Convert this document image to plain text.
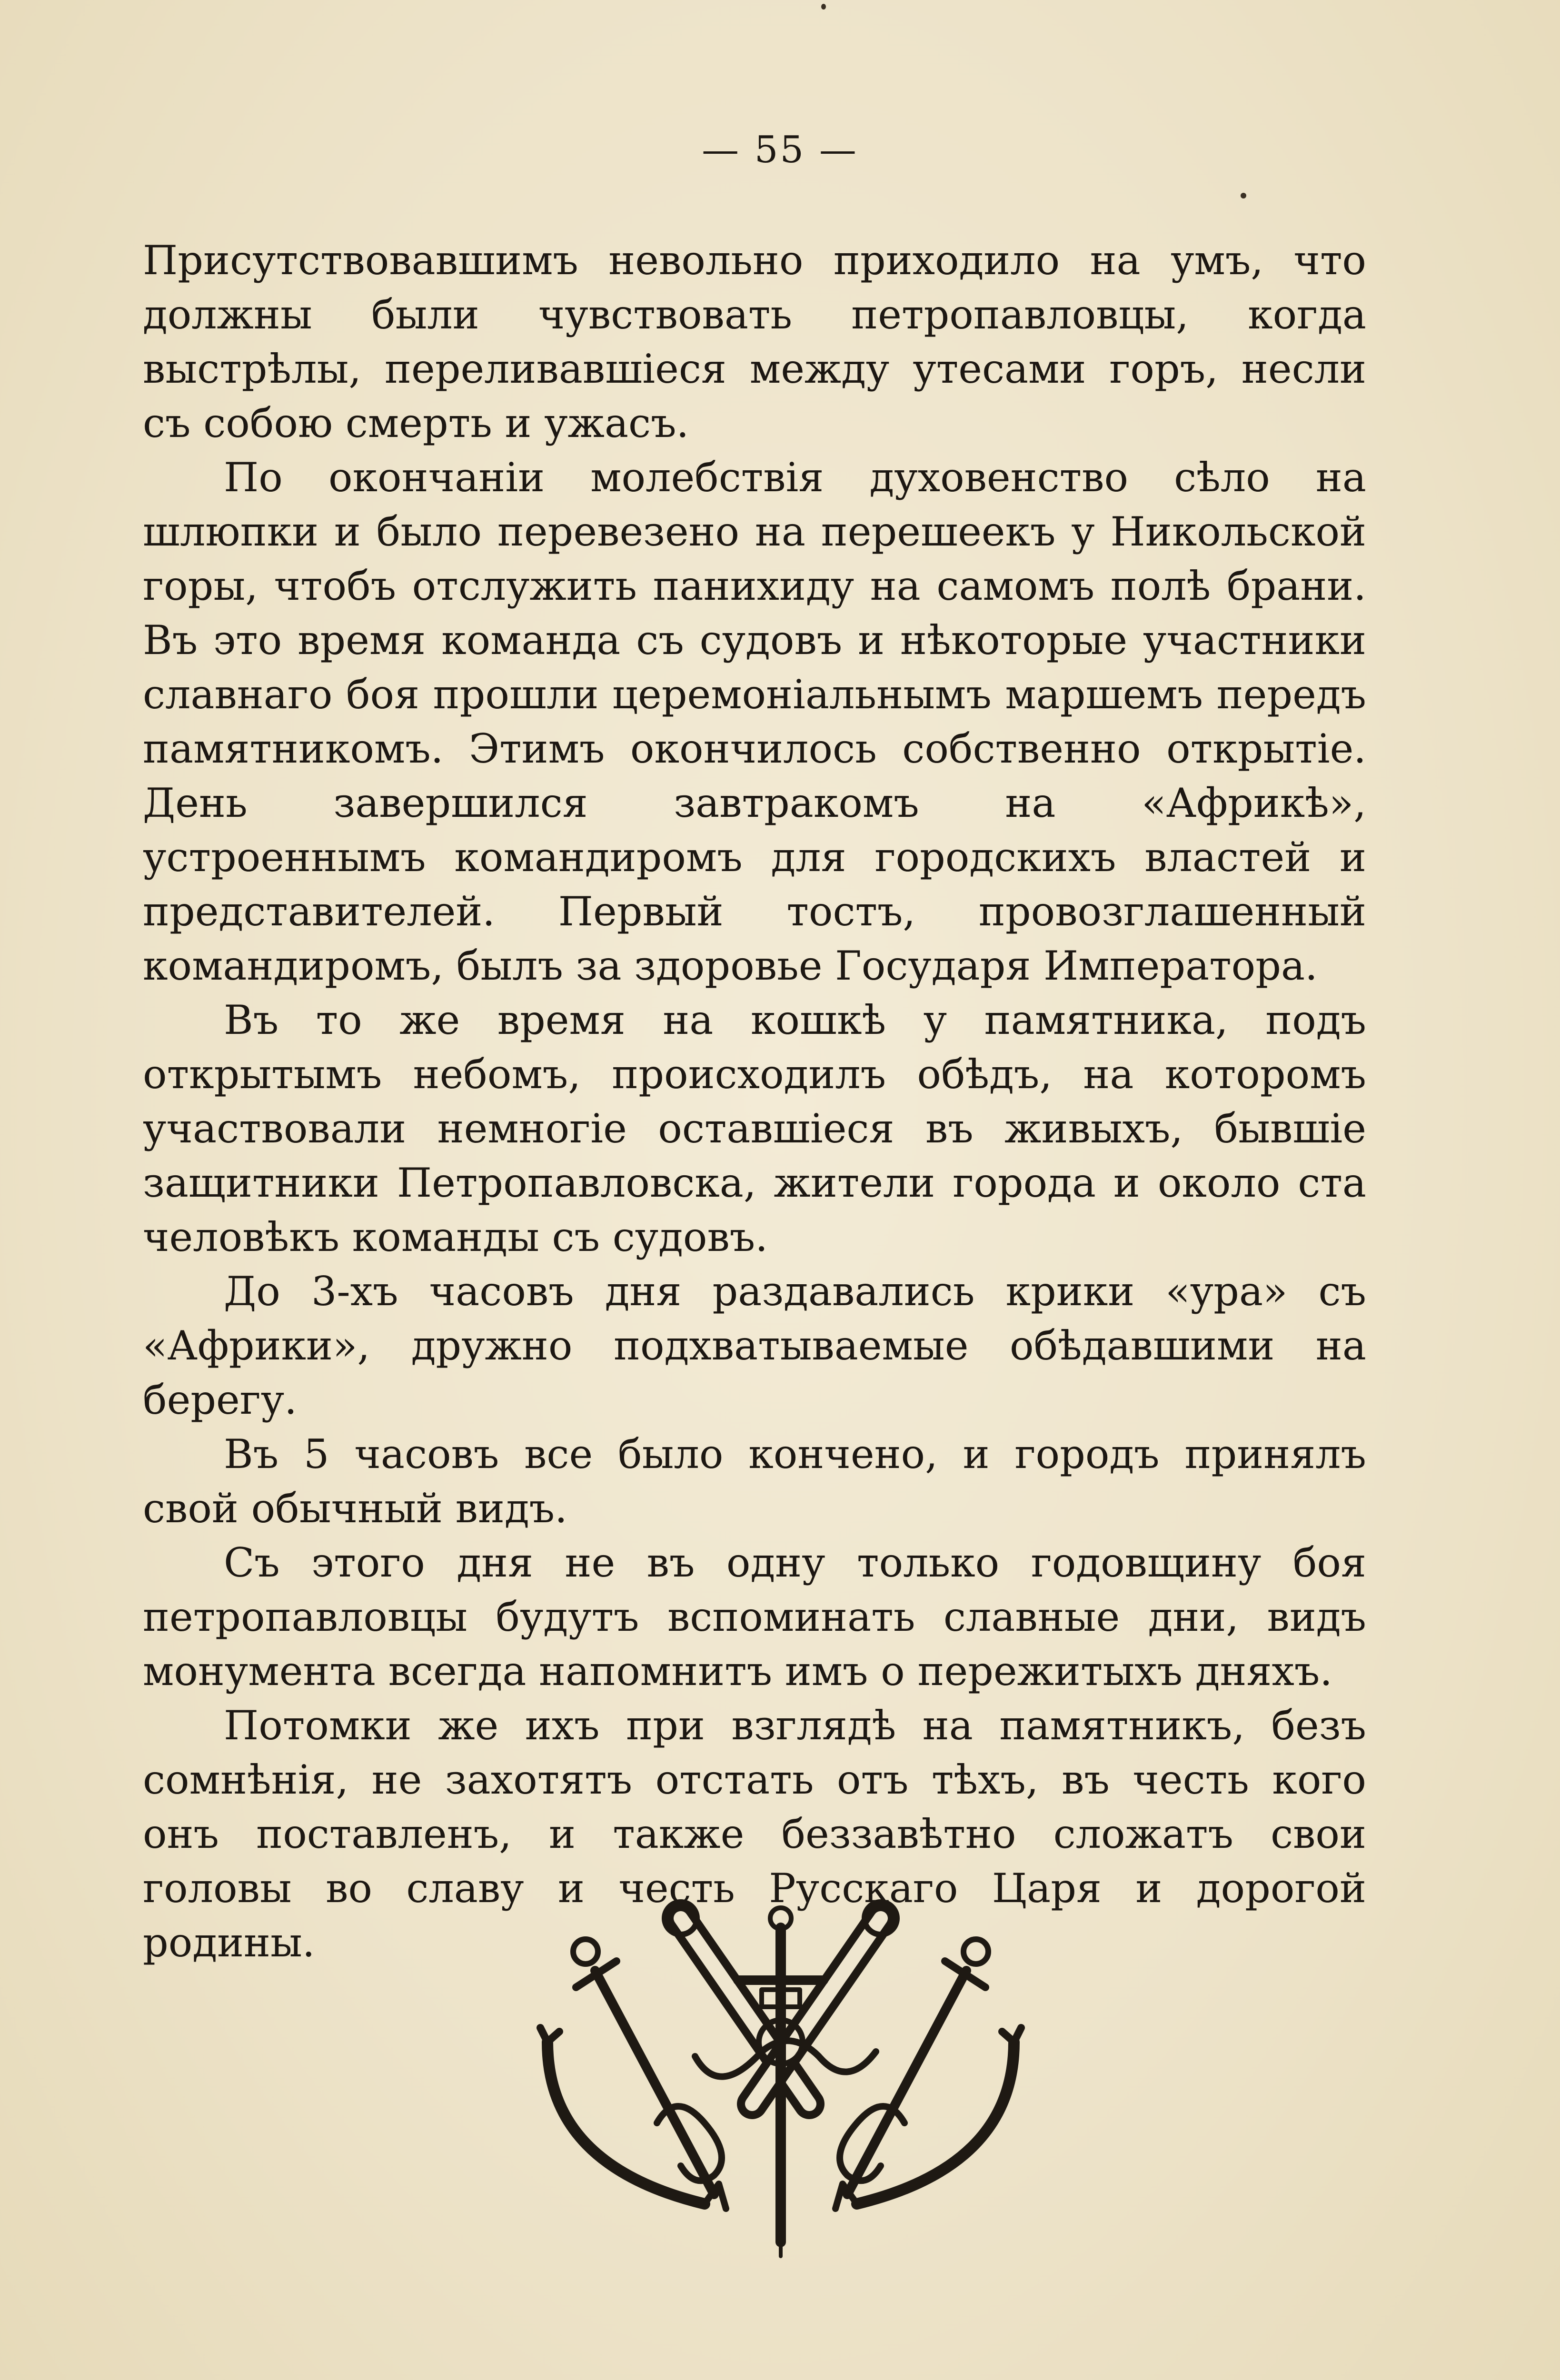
— 55 —

Присутствовавшимъ невольно приходило на умъ, что должны были чувствовать петропавловцы, когда выстрѣлы, переливавшіеся между утесами горъ, несли съ собою смерть и ужасъ.

По окончаніи молебствія духовенство сѣло на шлюпки и было перевезено на перешеекъ у Никольской горы, чтобъ отслужить панихиду на самомъ полѣ брани. Въ это время команда съ судовъ и нѣкоторые участники славнаго боя прошли церемоніальнымъ маршемъ передъ памятникомъ. Этимъ окончилось собственно открытіе. День завершился завтракомъ на «Африкѣ», устроеннымъ командиромъ для городскихъ властей и представителей. Первый тостъ, провозглашенный командиромъ, былъ за здоровье Государя Императора.

Въ то же время на кошкѣ у памятника, подъ открытымъ небомъ, происходилъ обѣдъ, на которомъ участвовали немногіе оставшіеся въ живыхъ, бывшіе защитники Петропавловска, жители города и около ста человѣкъ команды съ судовъ.

До 3-хъ часовъ дня раздавались крики «ура» съ «Африки», дружно подхватываемые обѣдавшими на берегу.

Въ 5 часовъ все было кончено, и городъ принялъ свой обычный видъ.

Съ этого дня не въ одну только годовщину боя петропавловцы будутъ вспоминать славные дни, видъ монумента всегда напомнитъ имъ о пережитыхъ дняхъ.

Потомки же ихъ при взглядѣ на памятникъ, безъ сомнѣнія, не захотятъ отстать отъ тѣхъ, въ честь кого онъ поставленъ, и также беззавѣтно сложатъ свои головы во славу и честь Русскаго Царя и дорогой родины.
